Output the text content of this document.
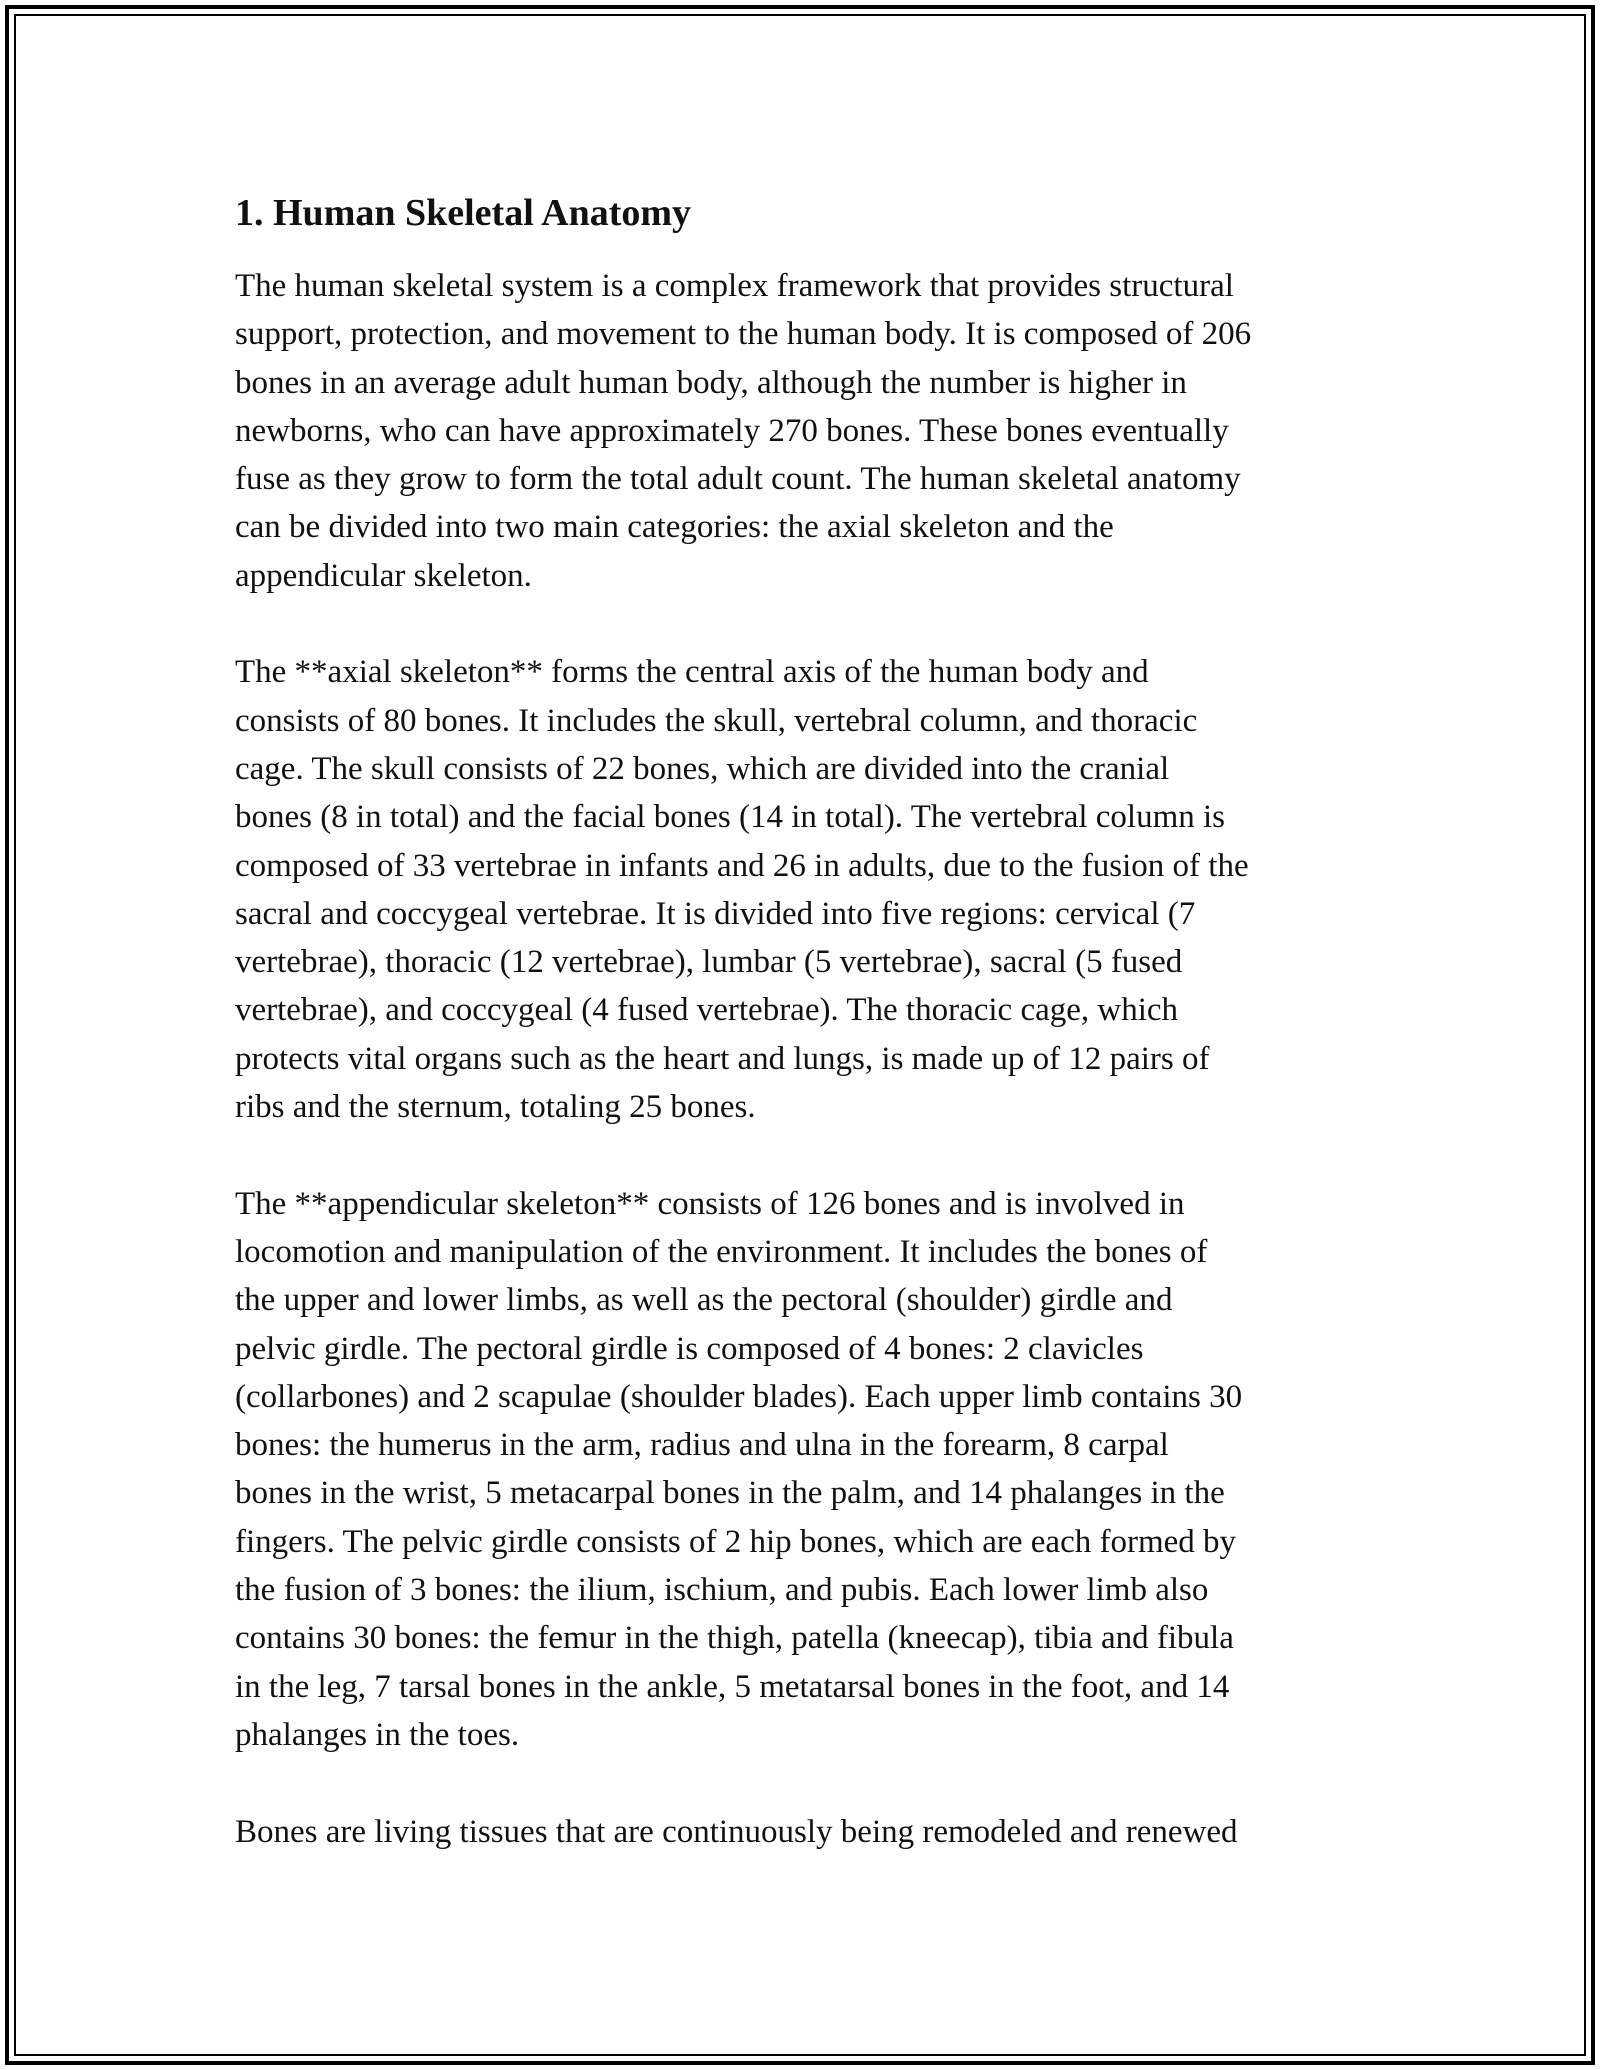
1. Human Skeletal Anatomy

The human skeletal system is a complex framework that provides structural
support, protection, and movement to the human body. It is composed of 206
bones in an average adult human body, although the number is higher in
newborns, who can have approximately 270 bones. These bones eventually
fuse as they grow to form the total adult count. The human skeletal anatomy
can be divided into two main categories: the axial skeleton and the
appendicular skeleton.

The **axial skeleton** forms the central axis of the human body and
consists of 80 bones. It includes the skull, vertebral column, and thoracic
cage. The skull consists of 22 bones, which are divided into the cranial
bones (8 in total) and the facial bones (14 in total). The vertebral column is
composed of 33 vertebrae in infants and 26 in adults, due to the fusion of the
sacral and coccygeal vertebrae. It is divided into five regions: cervical (7
vertebrae), thoracic (12 vertebrae), lumbar (5 vertebrae), sacral (5 fused
vertebrae), and coccygeal (4 fused vertebrae). The thoracic cage, which
protects vital organs such as the heart and lungs, is made up of 12 pairs of
ribs and the sternum, totaling 25 bones.

The **appendicular skeleton** consists of 126 bones and is involved in
locomotion and manipulation of the environment. It includes the bones of
the upper and lower limbs, as well as the pectoral (shoulder) girdle and
pelvic girdle. The pectoral girdle is composed of 4 bones: 2 clavicles
(collarbones) and 2 scapulae (shoulder blades). Each upper limb contains 30
bones: the humerus in the arm, radius and ulna in the forearm, 8 carpal
bones in the wrist, 5 metacarpal bones in the palm, and 14 phalanges in the
fingers. The pelvic girdle consists of 2 hip bones, which are each formed by
the fusion of 3 bones: the ilium, ischium, and pubis. Each lower limb also
contains 30 bones: the femur in the thigh, patella (kneecap), tibia and fibula
in the leg, 7 tarsal bones in the ankle, 5 metatarsal bones in the foot, and 14
phalanges in the toes.

Bones are living tissues that are continuously being remodeled and renewed
